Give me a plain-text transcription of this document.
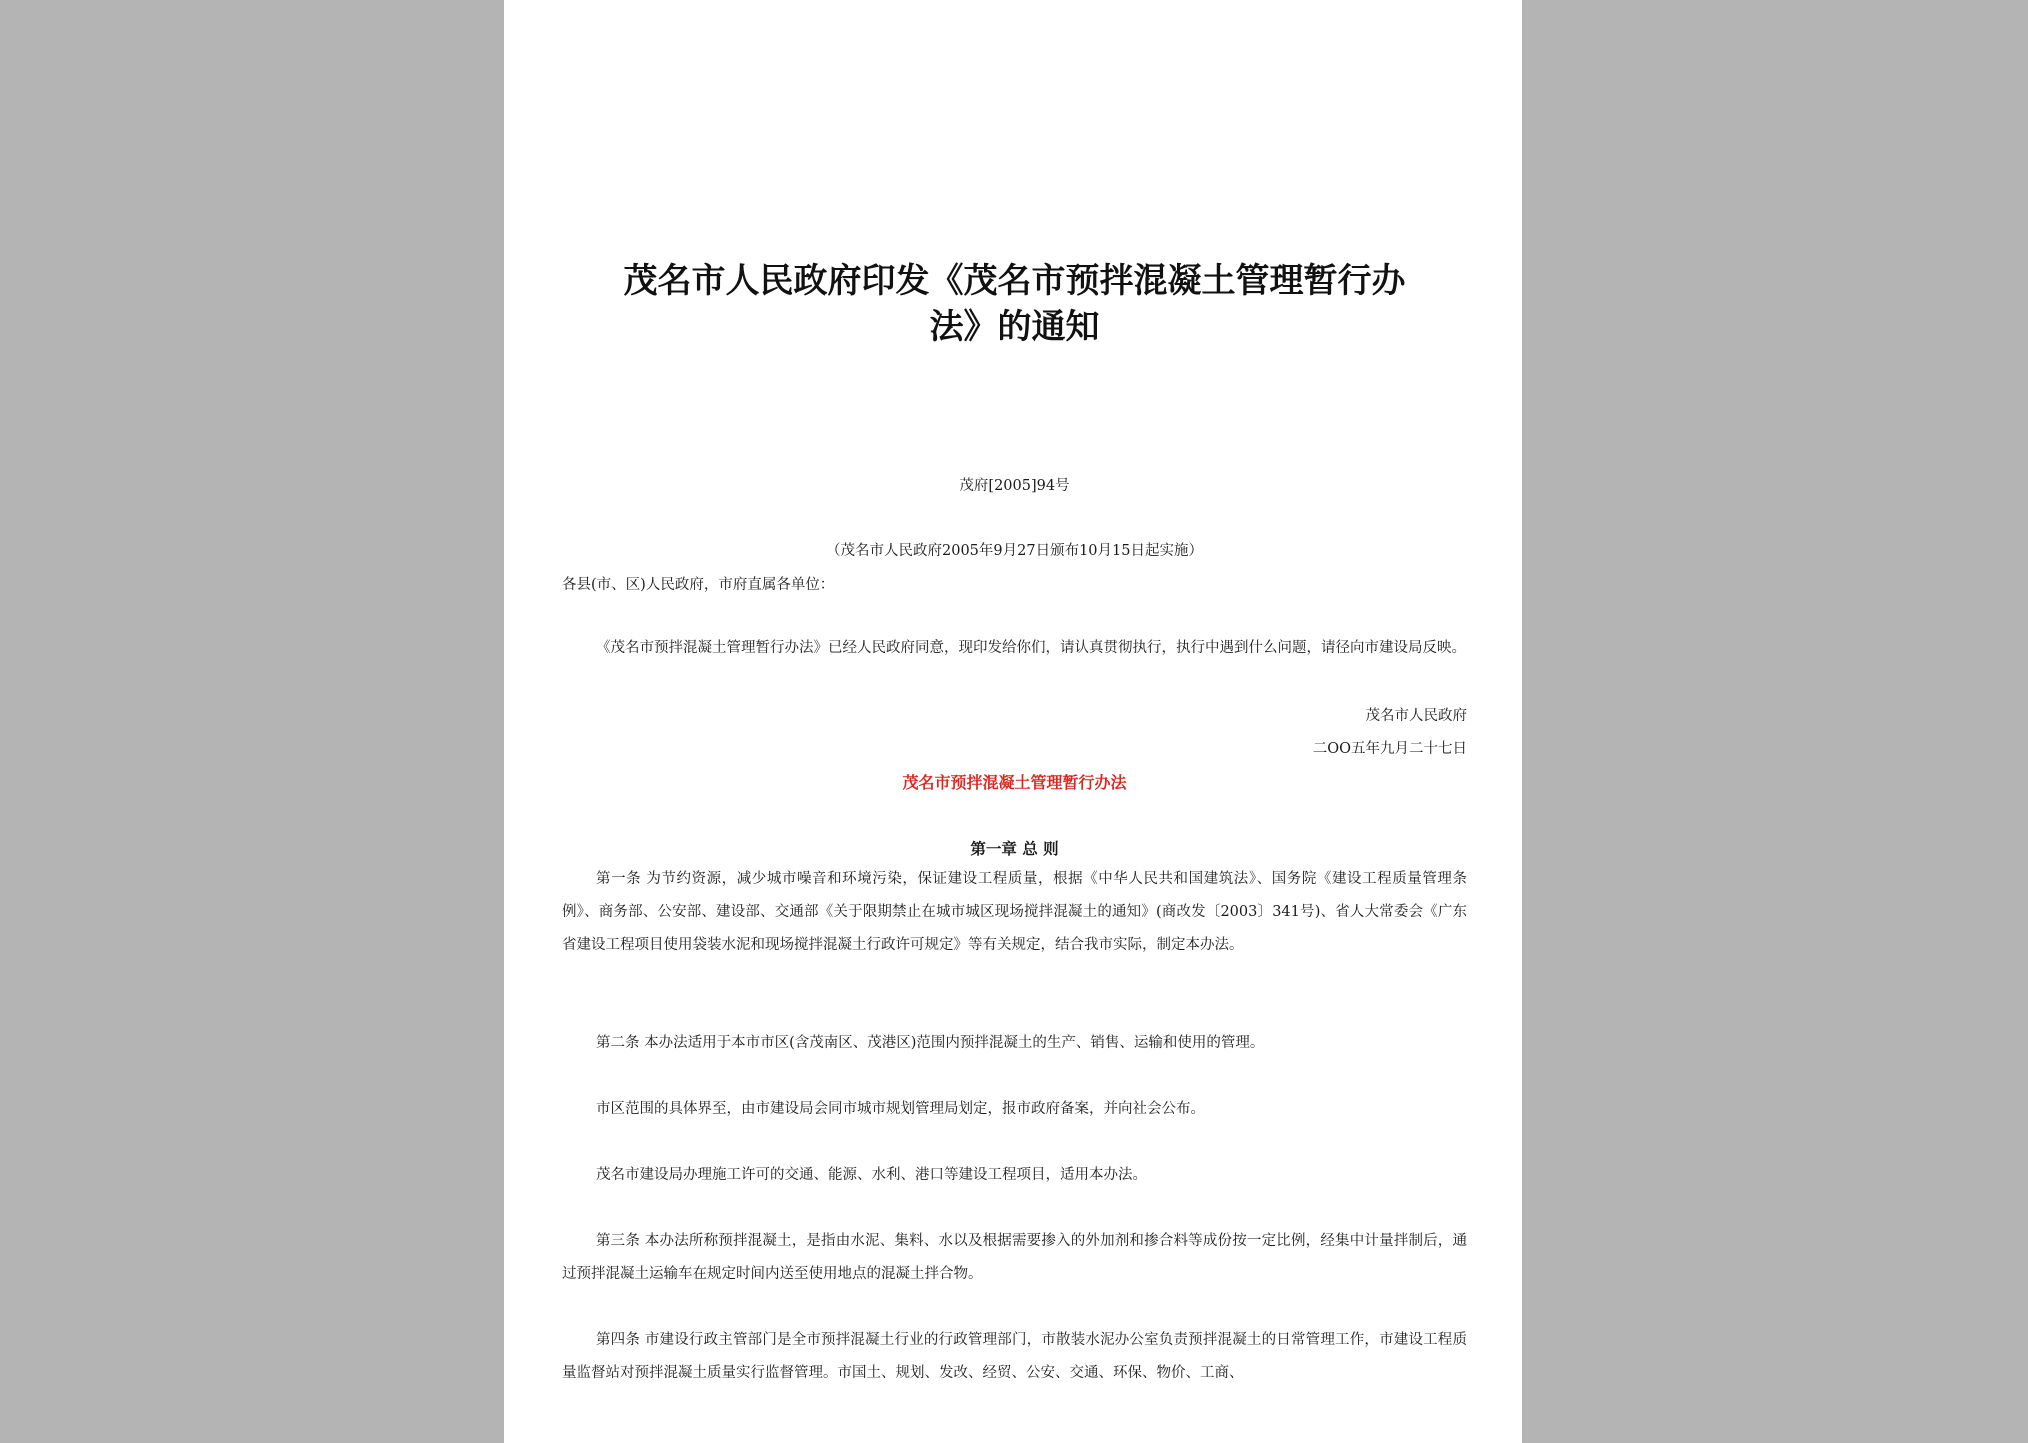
茂名市人民政府印发《茂名市预拌混凝土管理暂行办
法》的通知
茂府[2005]94号
（茂名市人民政府2005年9月27日颁布10月15日起实施）
各县(市、区)人民政府，市府直属各单位：
《茂名市预拌混凝土管理暂行办法》已经人民政府同意，现印发给你们，请认真贯彻执行，执行中遇到什么问题，请径向市建设局反映。
茂名市人民政府
二OO五年九月二十七日
茂名市预拌混凝土管理暂行办法
第一章 总 则
第一条 为节约资源，减少城市噪音和环境污染，保证建设工程质量，根据《中华人民共和国建筑法》、国务院《建设工程质量管理条例》、商务部、公安部、建设部、交通部《关于限期禁止在城市城区现场搅拌混凝土的通知》(商改发〔2003〕341号)、省人大常委会《广东省建设工程项目使用袋装水泥和现场搅拌混凝土行政许可规定》等有关规定，结合我市实际，制定本办法。
第二条 本办法适用于本市市区(含茂南区、茂港区)范围内预拌混凝土的生产、销售、运输和使用的管理。
市区范围的具体界至，由市建设局会同市城市规划管理局划定，报市政府备案，并向社会公布。
茂名市建设局办理施工许可的交通、能源、水利、港口等建设工程项目，适用本办法。
第三条 本办法所称预拌混凝土，是指由水泥、集料、水以及根据需要掺入的外加剂和掺合料等成份按一定比例，经集中计量拌制后，通过预拌混凝土运输车在规定时间内送至使用地点的混凝土拌合物。
第四条 市建设行政主管部门是全市预拌混凝土行业的行政管理部门，市散装水泥办公室负责预拌混凝土的日常管理工作，市建设工程质量监督站对预拌混凝土质量实行监督管理。市国土、规划、发改、经贸、公安、交通、环保、物价、工商、
